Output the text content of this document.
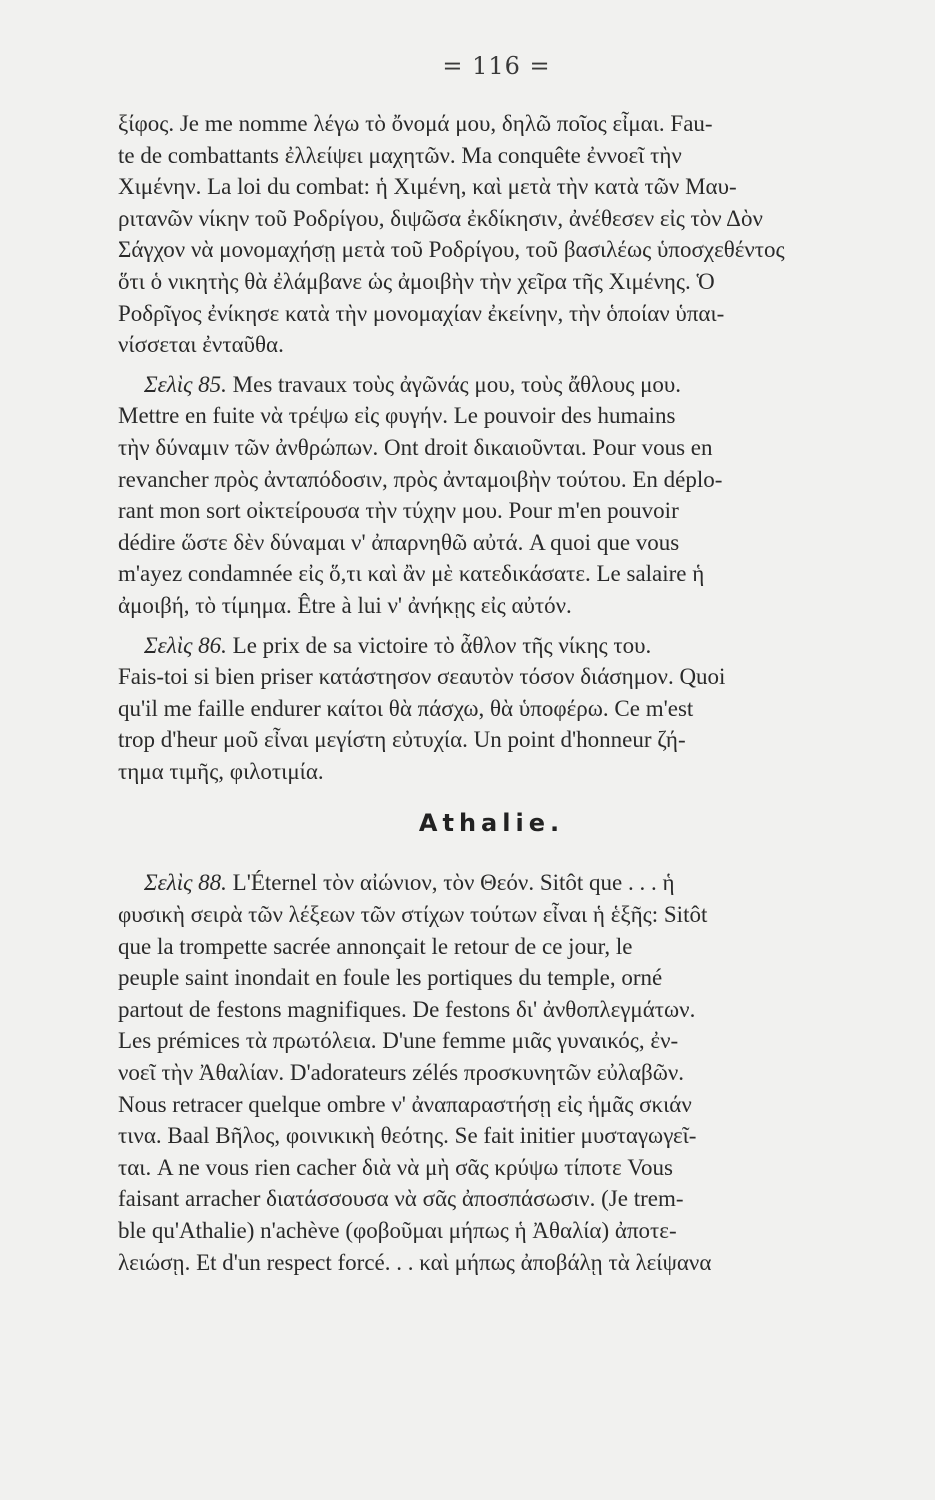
= 116 =
ξίφος. Je me nomme λέγω τὸ ὄνομά μου, δηλῶ ποῖος εἶμαι. Fau-
te de combattants ἐλλείψει μαχητῶν. Ma conquête ἐννοεῖ τὴν
Χιμένην. La loi du combat: ἡ Χιμένη, καὶ μετὰ τὴν κατὰ τῶν Μαυ-
ριτανῶν νίκην τοῦ Ροδρίγου, διψῶσα ἐκδίκησιν, ἀνέθεσεν εἰς τὸν Δὸν
Σάγχον νὰ μονομαχήσῃ μετὰ τοῦ Ροδρίγου, τοῦ βασιλέως ὑποσχεθέντος
ὅτι ὁ νικητὴς θὰ ἐλάμβανε ὡς ἀμοιβὴν τὴν χεῖρα τῆς Χιμένης. Ὁ
Ροδρῖγος ἐνίκησε κατὰ τὴν μονομαχίαν ἐκείνην, τὴν ὁποίαν ὑπαι-
νίσσεται ἐνταῦθα.
Σελὶς 85. Mes travaux τοὺς ἀγῶνάς μου, τοὺς ἄθλους μου.
Mettre en fuite νὰ τρέψω εἰς φυγήν. Le pouvoir des humains
τὴν δύναμιν τῶν ἀνθρώπων. Ont droit δικαιοῦνται. Pour vous en
revancher πρὸς ἀνταπόδοσιν, πρὸς ἀνταμοιβὴν τούτου. En déplo-
rant mon sort οἰκτείρουσα τὴν τύχην μου. Pour m'en pouvoir
dédire ὥστε δὲν δύναμαι ν' ἀπαρνηθῶ αὐτά. A quoi que vous
m'ayez condamnée εἰς ὅ,τι καὶ ἂν μὲ κατεδικάσατε. Le salaire ἡ
ἀμοιβή, τὸ τίμημα. Être à lui ν' ἀνήκῃς εἰς αὐτόν.
Σελὶς 86. Le prix de sa victoire τὸ ἆθλον τῆς νίκης του.
Fais-toi si bien priser κατάστησον σεαυτὸν τόσον διάσημον. Quoi
qu'il me faille endurer καίτοι θὰ πάσχω, θὰ ὑποφέρω. Ce m'est
trop d'heur μοῦ εἶναι μεγίστη εὐτυχία. Un point d'honneur ζή-
τημα τιμῆς, φιλοτιμία.
Athalie.
Σελὶς 88. L'Éternel τὸν αἰώνιον, τὸν Θεόν. Sitôt que . . . ἡ
φυσικὴ σειρὰ τῶν λέξεων τῶν στίχων τούτων εἶναι ἡ ἑξῆς: Sitôt
que la trompette sacrée annonçait le retour de ce jour, le
peuple saint inondait en foule les portiques du temple, orné
partout de festons magnifiques. De festons δι' ἀνθοπλεγμάτων.
Les prémices τὰ πρωτόλεια. D'une femme μιᾶς γυναικός, ἐν-
νοεῖ τὴν Ἀθαλίαν. D'adorateurs zélés προσκυνητῶν εὐλαβῶν.
Nous retracer quelque ombre ν' ἀναπαραστήσῃ εἰς ἡμᾶς σκιάν
τινα. Baal Βῆλος, φοινικικὴ θεότης. Se fait initier μυσταγωγεῖ-
ται. A ne vous rien cacher διὰ νὰ μὴ σᾶς κρύψω τίποτε Vous
faisant arracher διατάσσουσα νὰ σᾶς ἀποσπάσωσιν. (Je trem-
ble qu'Athalie) n'achève (φοβοῦμαι μήπως ἡ Ἀθαλία) ἀποτε-
λειώσῃ. Et d'un respect forcé. . . καὶ μήπως ἀποβάλῃ τὰ λείψανα
